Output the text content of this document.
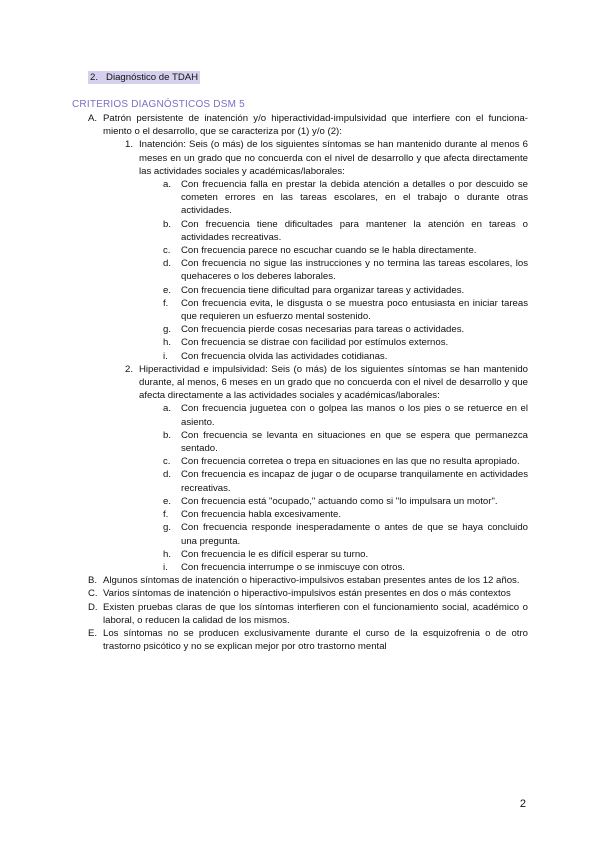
2. Diagnóstico de TDAH
CRITERIOS DIAGNÓSTICOS DSM 5
A. Patrón persistente de inatención y/o hiperactividad-impulsividad que interfiere con el funciona-miento o el desarrollo, que se caracteriza por (1) y/o (2):
1. Inatención: Seis (o más) de los siguientes síntomas se han mantenido durante al menos 6 meses en un grado que no concuerda con el nivel de desarrollo y que afecta directamente las actividades sociales y académicas/laborales:
a.	Con frecuencia falla en prestar la debida atención a detalles o por descuido se cometen errores en las tareas escolares, en el trabajo o durante otras actividades.
b.	Con frecuencia tiene dificultades para mantener la atención en tareas o actividades recreativas.
c.	Con frecuencia parece no escuchar cuando se le habla directamente.
d.	Con frecuencia no sigue las instrucciones y no termina las tareas escolares, los quehaceres o los deberes laborales.
e.	Con frecuencia tiene dificultad para organizar tareas y actividades.
f.	Con frecuencia evita, le disgusta o se muestra poco entusiasta en iniciar tareas que requieren un esfuerzo mental sostenido.
g.	Con frecuencia pierde cosas necesarias para tareas o actividades.
h.	Con frecuencia se distrae con facilidad por estímulos externos.
i.	Con frecuencia olvida las actividades cotidianas.
2. Hiperactividad e impulsividad: Seis (o más) de los siguientes síntomas se han mantenido durante, al menos, 6 meses en un grado que no concuerda con el nivel de desarrollo y que afecta directamente a las actividades sociales y académicas/laborales:
a.	Con frecuencia juguetea con o golpea las manos o los pies o se retuerce en el asiento.
b.	Con frecuencia se levanta en situaciones en que se espera que permanezca sentado.
c.	Con frecuencia corretea o trepa en situaciones en las que no resulta apropiado.
d.	Con frecuencia es incapaz de jugar o de ocuparse tranquilamente en actividades recreativas.
e.	Con frecuencia está "ocupado," actuando como si "lo impulsara un motor".
f.	Con frecuencia habla excesivamente.
g.	Con frecuencia responde inesperadamente o antes de que se haya concluido una pregunta.
h.	Con frecuencia le es difícil esperar su turno.
i.	Con frecuencia interrumpe o se inmiscuye con otros.
B. Algunos síntomas de inatención o hiperactivo-impulsivos estaban presentes antes de los 12 años.
C. Varios síntomas de inatención o hiperactivo-impulsivos están presentes en dos o más contextos
D. Existen pruebas claras de que los síntomas interfieren con el funcionamiento social, académico o laboral, o reducen la calidad de los mismos.
E. Los síntomas no se producen exclusivamente durante el curso de la esquizofrenia o de otro trastorno psicótico y no se explican mejor por otro trastorno mental
2
